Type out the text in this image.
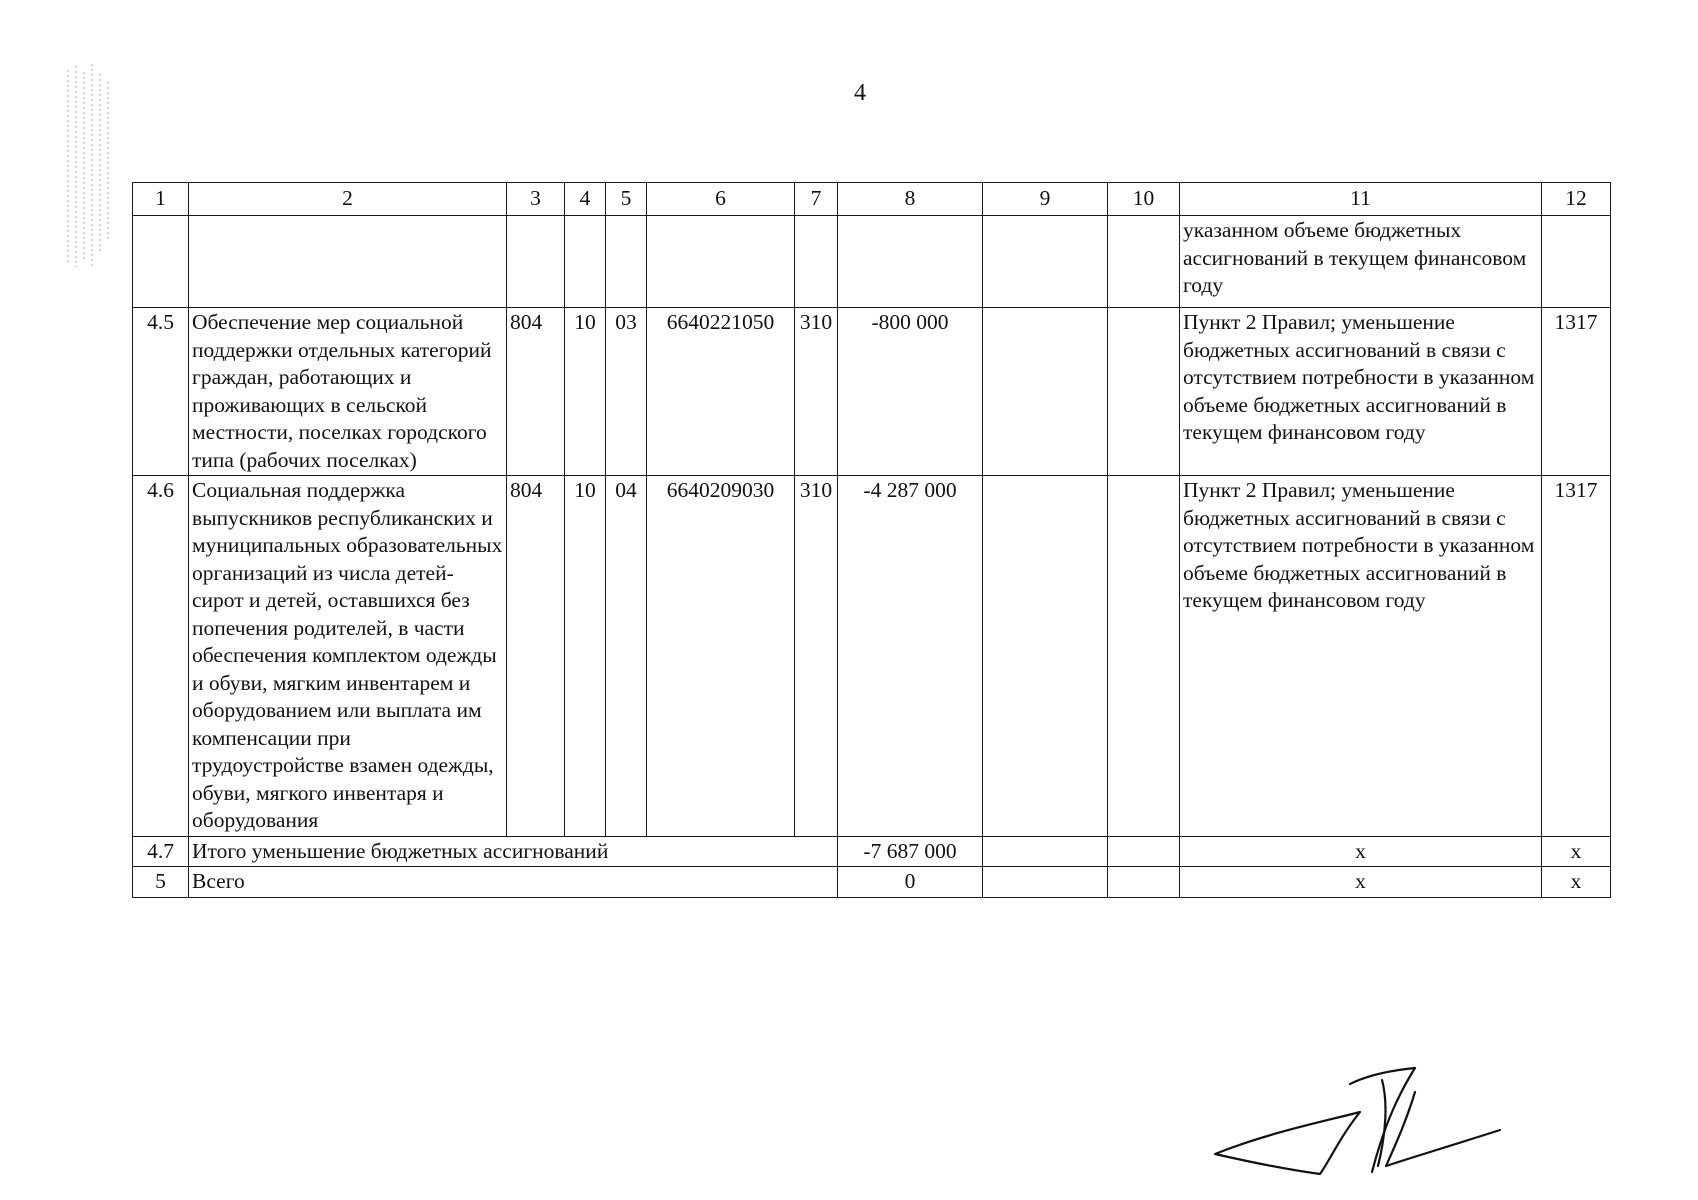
4
1	2	3	4	5	6	7	8	9	10	11	12
										указанном объеме бюджетных ассигнований в текущем финансовом году	
4.5	Обеспечение мер социальной поддержки отдельных категорий граждан, работающих и проживающих в сельской местности, поселках городского типа (рабочих поселках)	804	10	03	6640221050	310	-800 000			Пункт 2 Правил; уменьшение бюджетных ассигнований в связи с отсутствием потребности в указанном объеме бюджетных ассигнований в текущем финансовом году	1317
4.6	Социальная поддержка выпускников республиканских и муниципальных образовательных организаций из числа детей-сирот и детей, оставшихся без попечения родителей, в части обеспечения комплектом одежды и обуви, мягким инвентарем и оборудованием или выплата им компенсации при трудоустройстве взамен одежды, обуви, мягкого инвентаря и оборудования	804	10	04	6640209030	310	-4 287 000			Пункт 2 Правил; уменьшение бюджетных ассигнований в связи с отсутствием потребности в указанном объеме бюджетных ассигнований в текущем финансовом году	1317
4.7	Итого уменьшение бюджетных ассигнований						-7 687 000			x	x
5	Всего						0			x	x
